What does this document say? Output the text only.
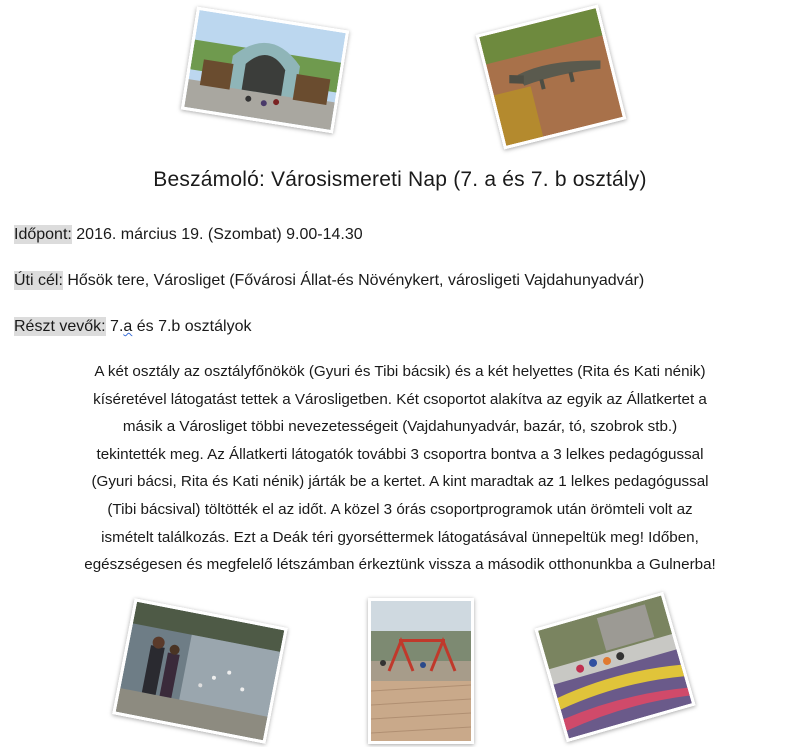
Beszámoló: Városismereti Nap (7. a és 7. b osztály)
Időpont: 2016. március 19. (Szombat) 9.00-14.30
Úti cél: Hősök tere, Városliget (Fővárosi Állat-és Növénykert, városligeti Vajdahunyadvár)
Részt vevők: 7.a és 7.b osztályok
A két osztály az osztályfőnökök (Gyuri és Tibi bácsik) és a két helyettes (Rita és Kati nénik)
kíséretével látogatást tettek a Városligetben. Két csoportot alakítva az egyik az Állatkertet a
másik a Városliget többi nevezetességeit (Vajdahunyadvár, bazár, tó, szobrok stb.)
tekintették meg. Az Állatkerti látogatók további 3 csoportra bontva a 3 lelkes pedagógussal
(Gyuri bácsi, Rita és Kati nénik) járták be a kertet. A kint maradtak az 1 lelkes pedagógussal
(Tibi bácsival) töltötték el az időt. A közel 3 órás csoportprogramok után örömteli volt az
ismételt találkozás. Ezt a Deák téri gyorséttermek látogatásával ünnepeltük meg! Időben,
egészségesen és megfelelő létszámban érkeztünk vissza a második otthonunkba a Gulnerba!
